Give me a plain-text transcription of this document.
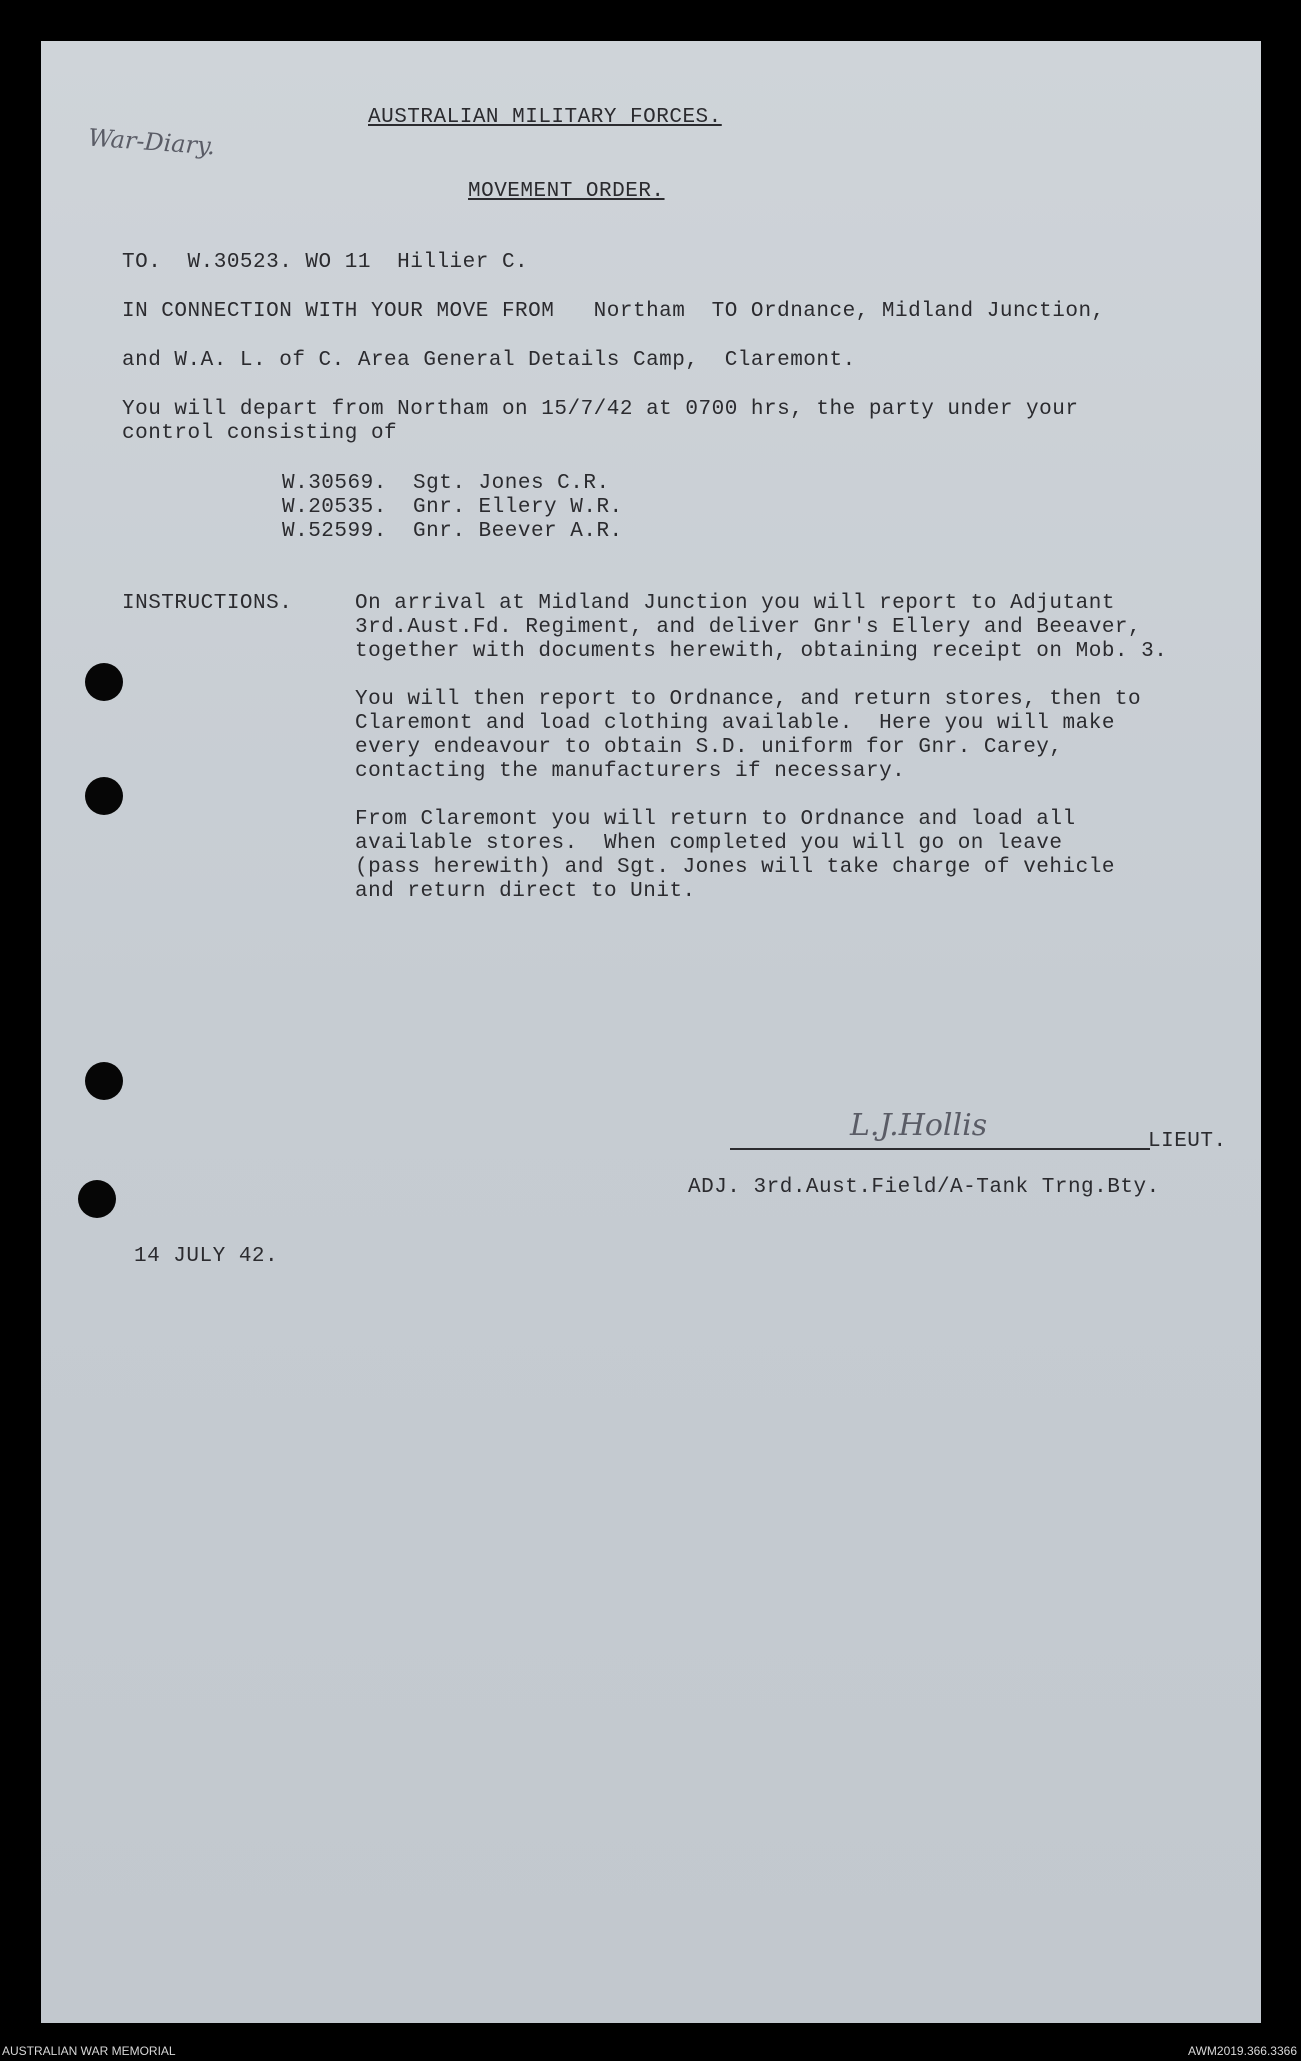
War-Diary.
AUSTRALIAN MILITARY FORCES.
MOVEMENT ORDER.
TO.  W.30523. WO 11  Hillier C.
IN CONNECTION WITH YOUR MOVE FROM   Northam  TO Ordnance, Midland Junction,
and W.A. L. of C. Area General Details Camp,  Claremont.
You will depart from Northam on 15/7/42 at 0700 hrs, the party under your
control consisting of
W.30569.  Sgt. Jones C.R.
W.20535.  Gnr. Ellery W.R.
W.52599.  Gnr. Beever A.R.
INSTRUCTIONS.	On arrival at Midland Junction you will report to Adjutant
3rd.Aust.Fd. Regiment, and deliver Gnr's Ellery and Beeaver,
together with documents herewith, obtaining receipt on Mob. 3.
You will then report to Ordnance, and return stores, then to
Claremont and load clothing available.  Here you will make
every endeavour to obtain S.D. uniform for Gnr. Carey,
contacting the manufacturers if necessary.
From Claremont you will return to Ordnance and load all
available stores.  When completed you will go on leave
(pass herewith) and Sgt. Jones will take charge of vehicle
and return direct to Unit.
L.J.Hollis	LIEUT.
ADJ. 3rd.Aust.Field/A-Tank Trng.Bty.
14 JULY 42.
AUSTRALIAN WAR MEMORIAL	AWM2019.366.3366
